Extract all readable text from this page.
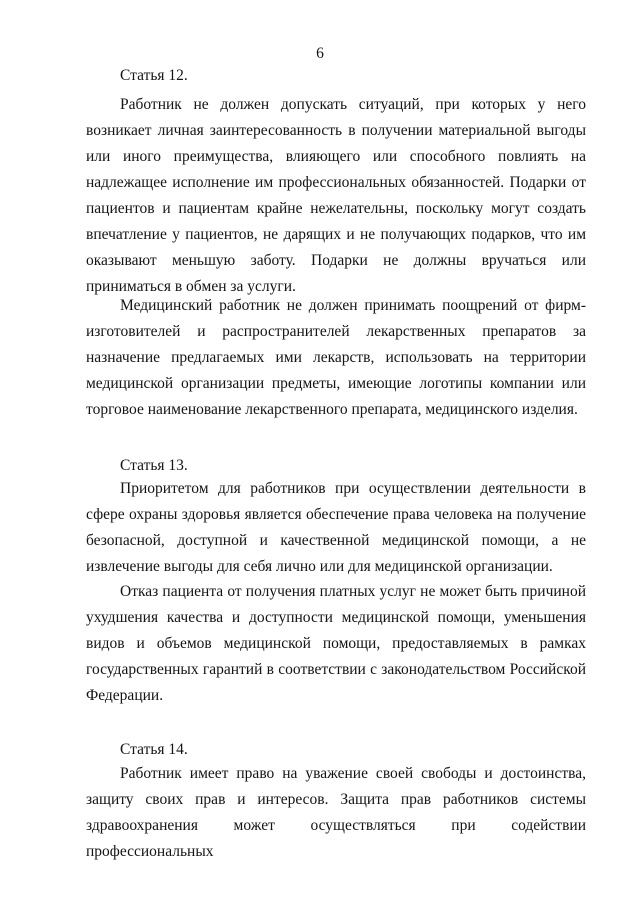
6
Статья 12.

Работник не должен допускать ситуаций, при которых у него возникает личная заинтересованность в получении материальной выгоды или иного преимущества, влияющего или способного повлиять на надлежащее исполнение им профессиональных обязанностей. Подарки от пациентов и пациентам крайне нежелательны, поскольку могут создать впечатление у пациентов, не дарящих и не получающих подарков, что им оказывают меньшую заботу. Подарки не должны вручаться или приниматься в обмен за услуги.

Медицинский работник не должен принимать поощрений от фирм-изготовителей и распространителей лекарственных препаратов за назначение предлагаемых ими лекарств, использовать на территории медицинской организации предметы, имеющие логотипы компании или торговое наименование лекарственного препарата, медицинского изделия.

Статья 13.

Приоритетом для работников при осуществлении деятельности в сфере охраны здоровья является обеспечение права человека на получение безопасной, доступной и качественной медицинской помощи, а не извлечение выгоды для себя лично или для медицинской организации.

Отказ пациента от получения платных услуг не может быть причиной ухудшения качества и доступности медицинской помощи, уменьшения видов и объемов медицинской помощи, предоставляемых в рамках государственных гарантий в соответствии с законодательством Российской Федерации.

Статья 14.

Работник имеет право на уважение своей свободы и достоинства, защиту своих прав и интересов. Защита прав работников системы здравоохранения может осуществляться при содействии профессиональных
